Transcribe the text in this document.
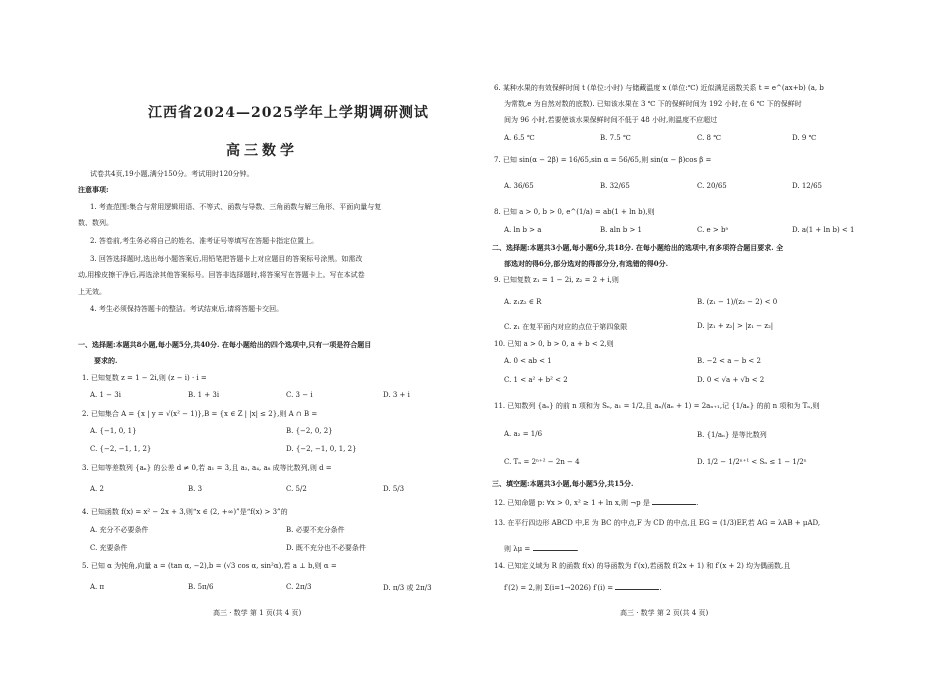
江西省2024—2025学年上学期调研测试
高三数学
试卷共4页,19小题,满分150分。考试用时120分钟。
注意事项:
1. 考查范围:集合与常用逻辑用语、不等式、函数与导数、三角函数与解三角形、平面向量与复
数、数列。
2. 答卷前,考生务必将自己的姓名、准考证号等填写在答题卡指定位置上。
3. 回答选择题时,选出每小题答案后,用铅笔把答题卡上对应题目的答案标号涂黑。如需改
动,用橡皮擦干净后,再选涂其他答案标号。回答非选择题时,将答案写在答题卡上。写在本试卷
上无效。
4. 考生必须保持答题卡的整洁。考试结束后,请将答题卡交回。
一、选择题:本题共8小题,每小题5分,共40分. 在每小题给出的四个选项中,只有一项是符合题目
要求的.
1. 已知复数 z = 1 − 2i,则 (z − i) · i =
A. 1 − 3i	B. 1 + 3i	C. 3 − i	D. 3 + i
2. 已知集合 A = {x | y = √(x² − 1)},B = {x ∈ Z | |x| ≤ 2},则 A ∩ B =
A. {−1, 0, 1}	B. {−2, 0, 2}
C. {−2, −1, 1, 2}	D. {−2, −1, 0, 1, 2}
3. 已知等差数列 {aₙ} 的公差 d ≠ 0,若 a₁ = 3,且 a₂, a₄, a₈ 成等比数列,则 d =
A. 2	B. 3	C. 5/2	D. 5/3
4. 已知函数 f(x) = x² − 2x + 3,则“x ∈ (2, +∞)”是“f(x) > 3”的
A. 充分不必要条件	B. 必要不充分条件
C. 充要条件	D. 既不充分也不必要条件
5. 已知 α 为钝角,向量 a = (tan α, −2),b = (√3 cos α, sin²α),若 a ⊥ b,则 α =
A. π	B. 5π/6	C. 2π/3	D. π/3 或 2π/3
高三 · 数学 第 1 页(共 4 页)
6. 某种水果的有效保鲜时间 t (单位:小时) 与储藏温度 x (单位:℃) 近似满足函数关系 t = e^(ax+b) (a, b
为常数,e 为自然对数的底数). 已知该水果在 3 ℃ 下的保鲜时间为 192 小时,在 6 ℃ 下的保鲜时
间为 96 小时,若要使该水果保鲜时间不低于 48 小时,则温度不应超过
A. 6.5 ℃	B. 7.5 ℃	C. 8 ℃	D. 9 ℃
7. 已知 sin(α − 2β) = 16/65,sin α = 56/65,则 sin(α − β)cos β =
A. 36/65	B. 32/65	C. 20/65	D. 12/65
8. 已知 a > 0, b > 0, e^(1/a) = ab(1 + ln b),则
A. ln b > a	B. aln b > 1	C. e > bᵃ	D. a(1 + ln b) < 1
二、选择题:本题共3小题,每小题6分,共18分. 在每小题给出的选项中,有多项符合题目要求. 全
部选对的得6分,部分选对的得部分分,有选错的得0分.
9. 已知复数 z₁ = 1 − 2i, z₂ = 2 + i,则
A. z₁z₂ ∈ R	B. (z₁ − 1)/(z₂ − 2) < 0
C. z₁ 在复平面内对应的点位于第四象限	D. |z₁ + z₂| > |z₁ − z₂|
10. 已知 a > 0, b > 0, a + b < 2,则
A. 0 < ab < 1	B. −2 < a − b < 2
C. 1 < a² + b² < 2	D. 0 < √a + √b < 2
11. 已知数列 {aₙ} 的前 n 项和为 Sₙ, a₁ = 1/2,且 aₙ/(aₙ + 1) = 2aₙ₊₁,记 {1/aₙ} 的前 n 项和为 Tₙ,则
A. a₂ = 1/6	B. {1/aₙ} 是等比数列
C. Tₙ = 2ⁿ⁺² − 2n − 4	D. 1/2 − 1/2ⁿ⁺¹ < Sₙ ≤ 1 − 1/2ⁿ
三、填空题:本题共3小题,每小题5分,共15分.
12. 已知命题 p: ∀x > 0, x² ≥ 1 + ln x,则 ¬p 是	.
13. 在平行四边形 ABCD 中,E 为 BC 的中点,F 为 CD 的中点,且 EG = (1/3)EF,若 AG = λAB + μAD,
则 λμ =	.
14. 已知定义域为 R 的函数 f(x) 的导函数为 f′(x),若函数 f(2x + 1) 和 f′(x + 2) 均为偶函数,且
f′(2) = 2,则 Σ(i=1→2026) f′(i) =	.
高三 · 数学 第 2 页(共 4 页)
